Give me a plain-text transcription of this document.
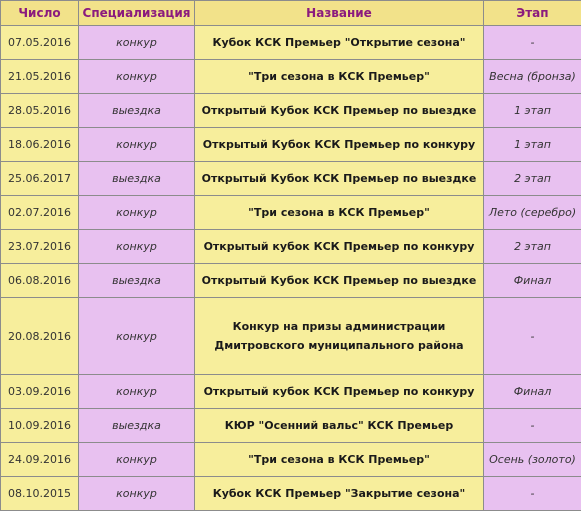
Число	Специализация	Название	Этап
07.05.2016	конкур	Кубок КСК Премьер "Открытие сезона"	-
21.05.2016	конкур	"Три сезона в КСК Премьер"	Весна (бронза)
28.05.2016	выездка	Открытый Кубок КСК Премьер по выездке	1 этап
18.06.2016	конкур	Открытый Кубок КСК Премьер по конкуру	1 этап
25.06.2017	выездка	Открытый Кубок КСК Премьер по выездке	2 этап
02.07.2016	конкур	"Три сезона в КСК Премьер"	Лето (серебро)
23.07.2016	конкур	Открытый кубок КСК Премьер по конкуру	2 этап
06.08.2016	выездка	Открытый Кубок КСК Премьер по выездке	Финал
20.08.2016	конкур	Конкур на призы администрации
Дмитровского муниципального района	-
03.09.2016	конкур	Открытый кубок КСК Премьер по конкуру	Финал
10.09.2016	выездка	КЮР "Осенний вальс" КСК Премьер	-
24.09.2016	конкур	"Три сезона в КСК Премьер"	Осень (золото)
08.10.2015	конкур	Кубок КСК Премьер "Закрытие сезона"	-
